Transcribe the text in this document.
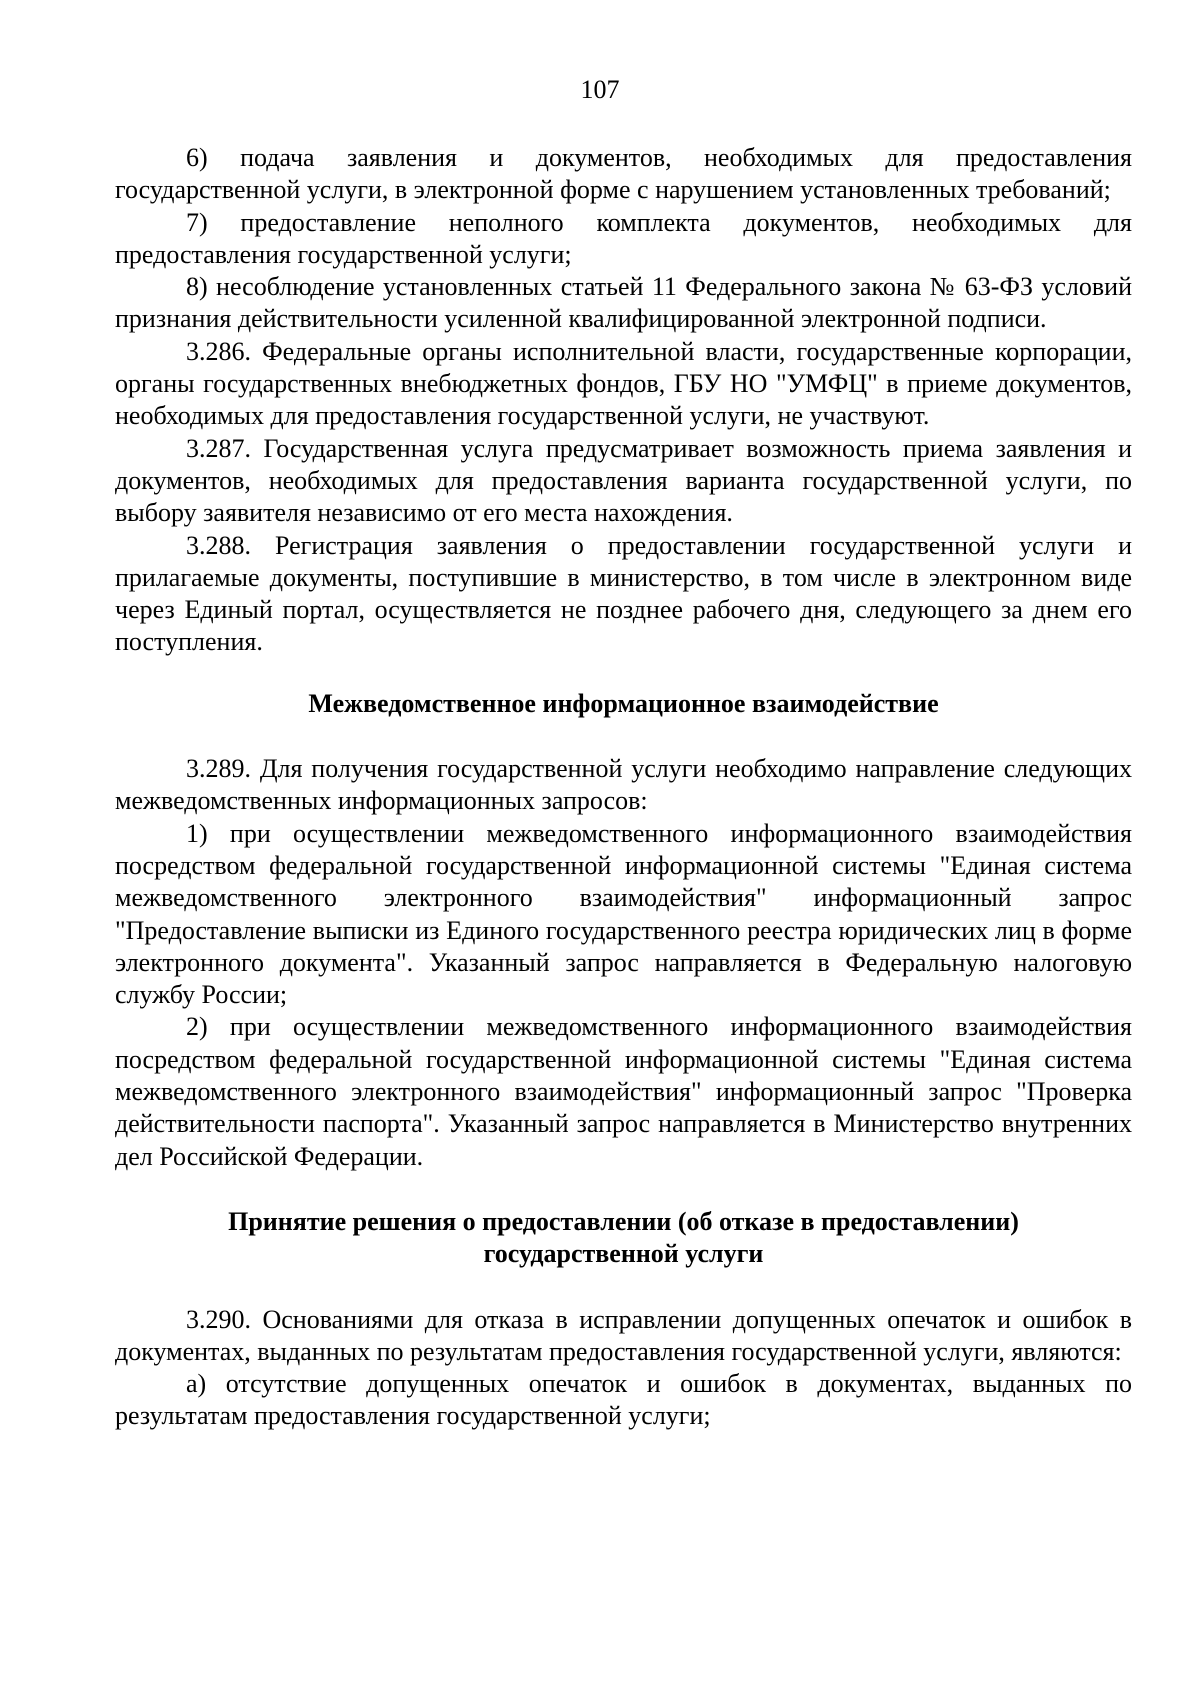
107

6) подача заявления и документов, необходимых для предоставления государственной услуги, в электронной форме с нарушением установленных требований;

7) предоставление неполного комплекта документов, необходимых для предоставления государственной услуги;

8) несоблюдение установленных статьей 11 Федерального закона № 63-ФЗ условий признания действительности усиленной квалифицированной электронной подписи.

3.286. Федеральные органы исполнительной власти, государственные корпорации, органы государственных внебюджетных фондов, ГБУ НО "УМФЦ" в приеме документов, необходимых для предоставления государственной услуги, не участвуют.

3.287. Государственная услуга предусматривает возможность приема заявления и документов, необходимых для предоставления варианта государственной услуги, по выбору заявителя независимо от его места нахождения.

3.288. Регистрация заявления о предоставлении государственной услуги и прилагаемые документы, поступившие в министерство, в том числе в электронном виде через Единый портал, осуществляется не позднее рабочего дня, следующего за днем его поступления.

Межведомственное информационное взаимодействие

3.289. Для получения государственной услуги необходимо направление следующих межведомственных информационных запросов:

1) при осуществлении межведомственного информационного взаимодействия посредством федеральной государственной информационной системы "Единая система межведомственного электронного взаимодействия" информационный запрос "Предоставление выписки из Единого государственного реестра юридических лиц в форме электронного документа". Указанный запрос направляется в Федеральную налоговую службу России;

2) при осуществлении межведомственного информационного взаимодействия посредством федеральной государственной информационной системы "Единая система межведомственного электронного взаимодействия" информационный запрос "Проверка действительности паспорта". Указанный запрос направляется в Министерство внутренних дел Российской Федерации.

Принятие решения о предоставлении (об отказе в предоставлении)
государственной услуги

3.290. Основаниями для отказа в исправлении допущенных опечаток и ошибок в документах, выданных по результатам предоставления государственной услуги, являются:

а) отсутствие допущенных опечаток и ошибок в документах, выданных по результатам предоставления государственной услуги;
